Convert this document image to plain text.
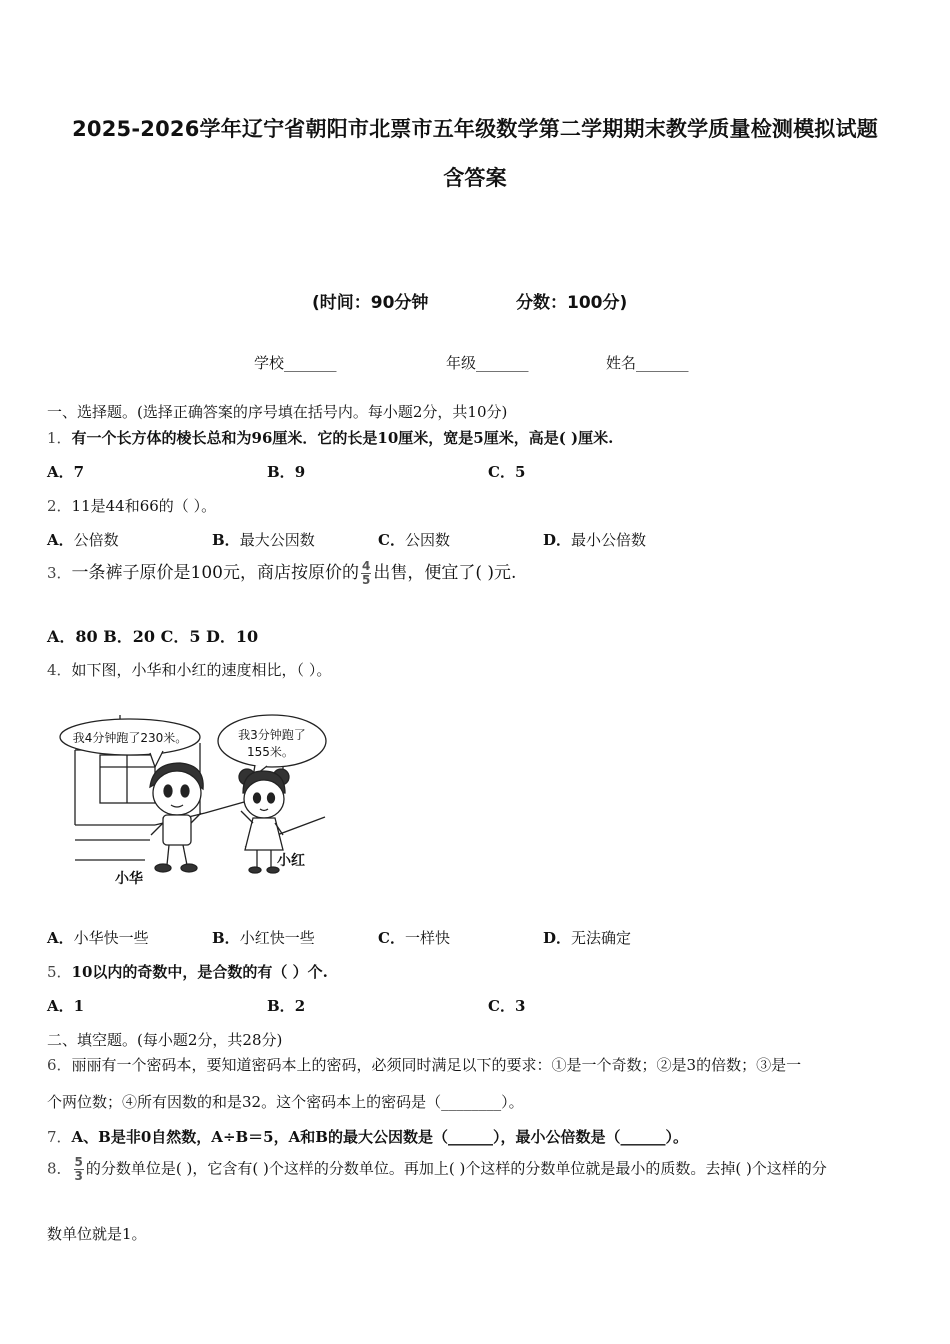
2025-2026学年辽宁省朝阳市北票市五年级数学第二学期期末教学质量检测模拟试题
含答案
(时间：90分钟	分数：100分)
学校_______	年级_______	姓名_______
一、选择题。(选择正确答案的序号填在括号内。每小题2分，共10分)
1．有一个长方体的棱长总和为96厘米．它的长是10厘米，宽是5厘米，高是( )厘米.
A．7	B．9	C．5
2．11是44和66的（ ）。
A．公倍数	B．最大公因数	C．公因数	D．最小公倍数
3．一条裤子原价是100元，商店按原价的 $\frac{4}{5}$ 出售，便宜了( )元.
A．80 B．20 C．5 D．10
4．如下图，小华和小红的速度相比，（ ）。
我4分钟跑了230米。	我3分钟跑了
155米。
小华
小红
A．小华快一些	B．小红快一些	C．一样快	D．无法确定
5．10以内的奇数中，是合数的有（ ）个.
A．1	B．2	C．3
二、填空题。(每小题2分，共28分)
6．丽丽有一个密码本，要知道密码本上的密码，必须同时满足以下的要求：①是一个奇数；②是3的倍数；③是一
个两位数；④所有因数的和是32。这个密码本上的密码是（________）。
7．A、B是非0自然数，A÷B＝5，A和B的最大公因数是（______），最小公倍数是（______）。
8． $\frac{5}{3}$ 的分数单位是( )，它含有( )个这样的分数单位。再加上( )个这样的分数单位就是最小的质数。去掉( )个这样的分
数单位就是1。
